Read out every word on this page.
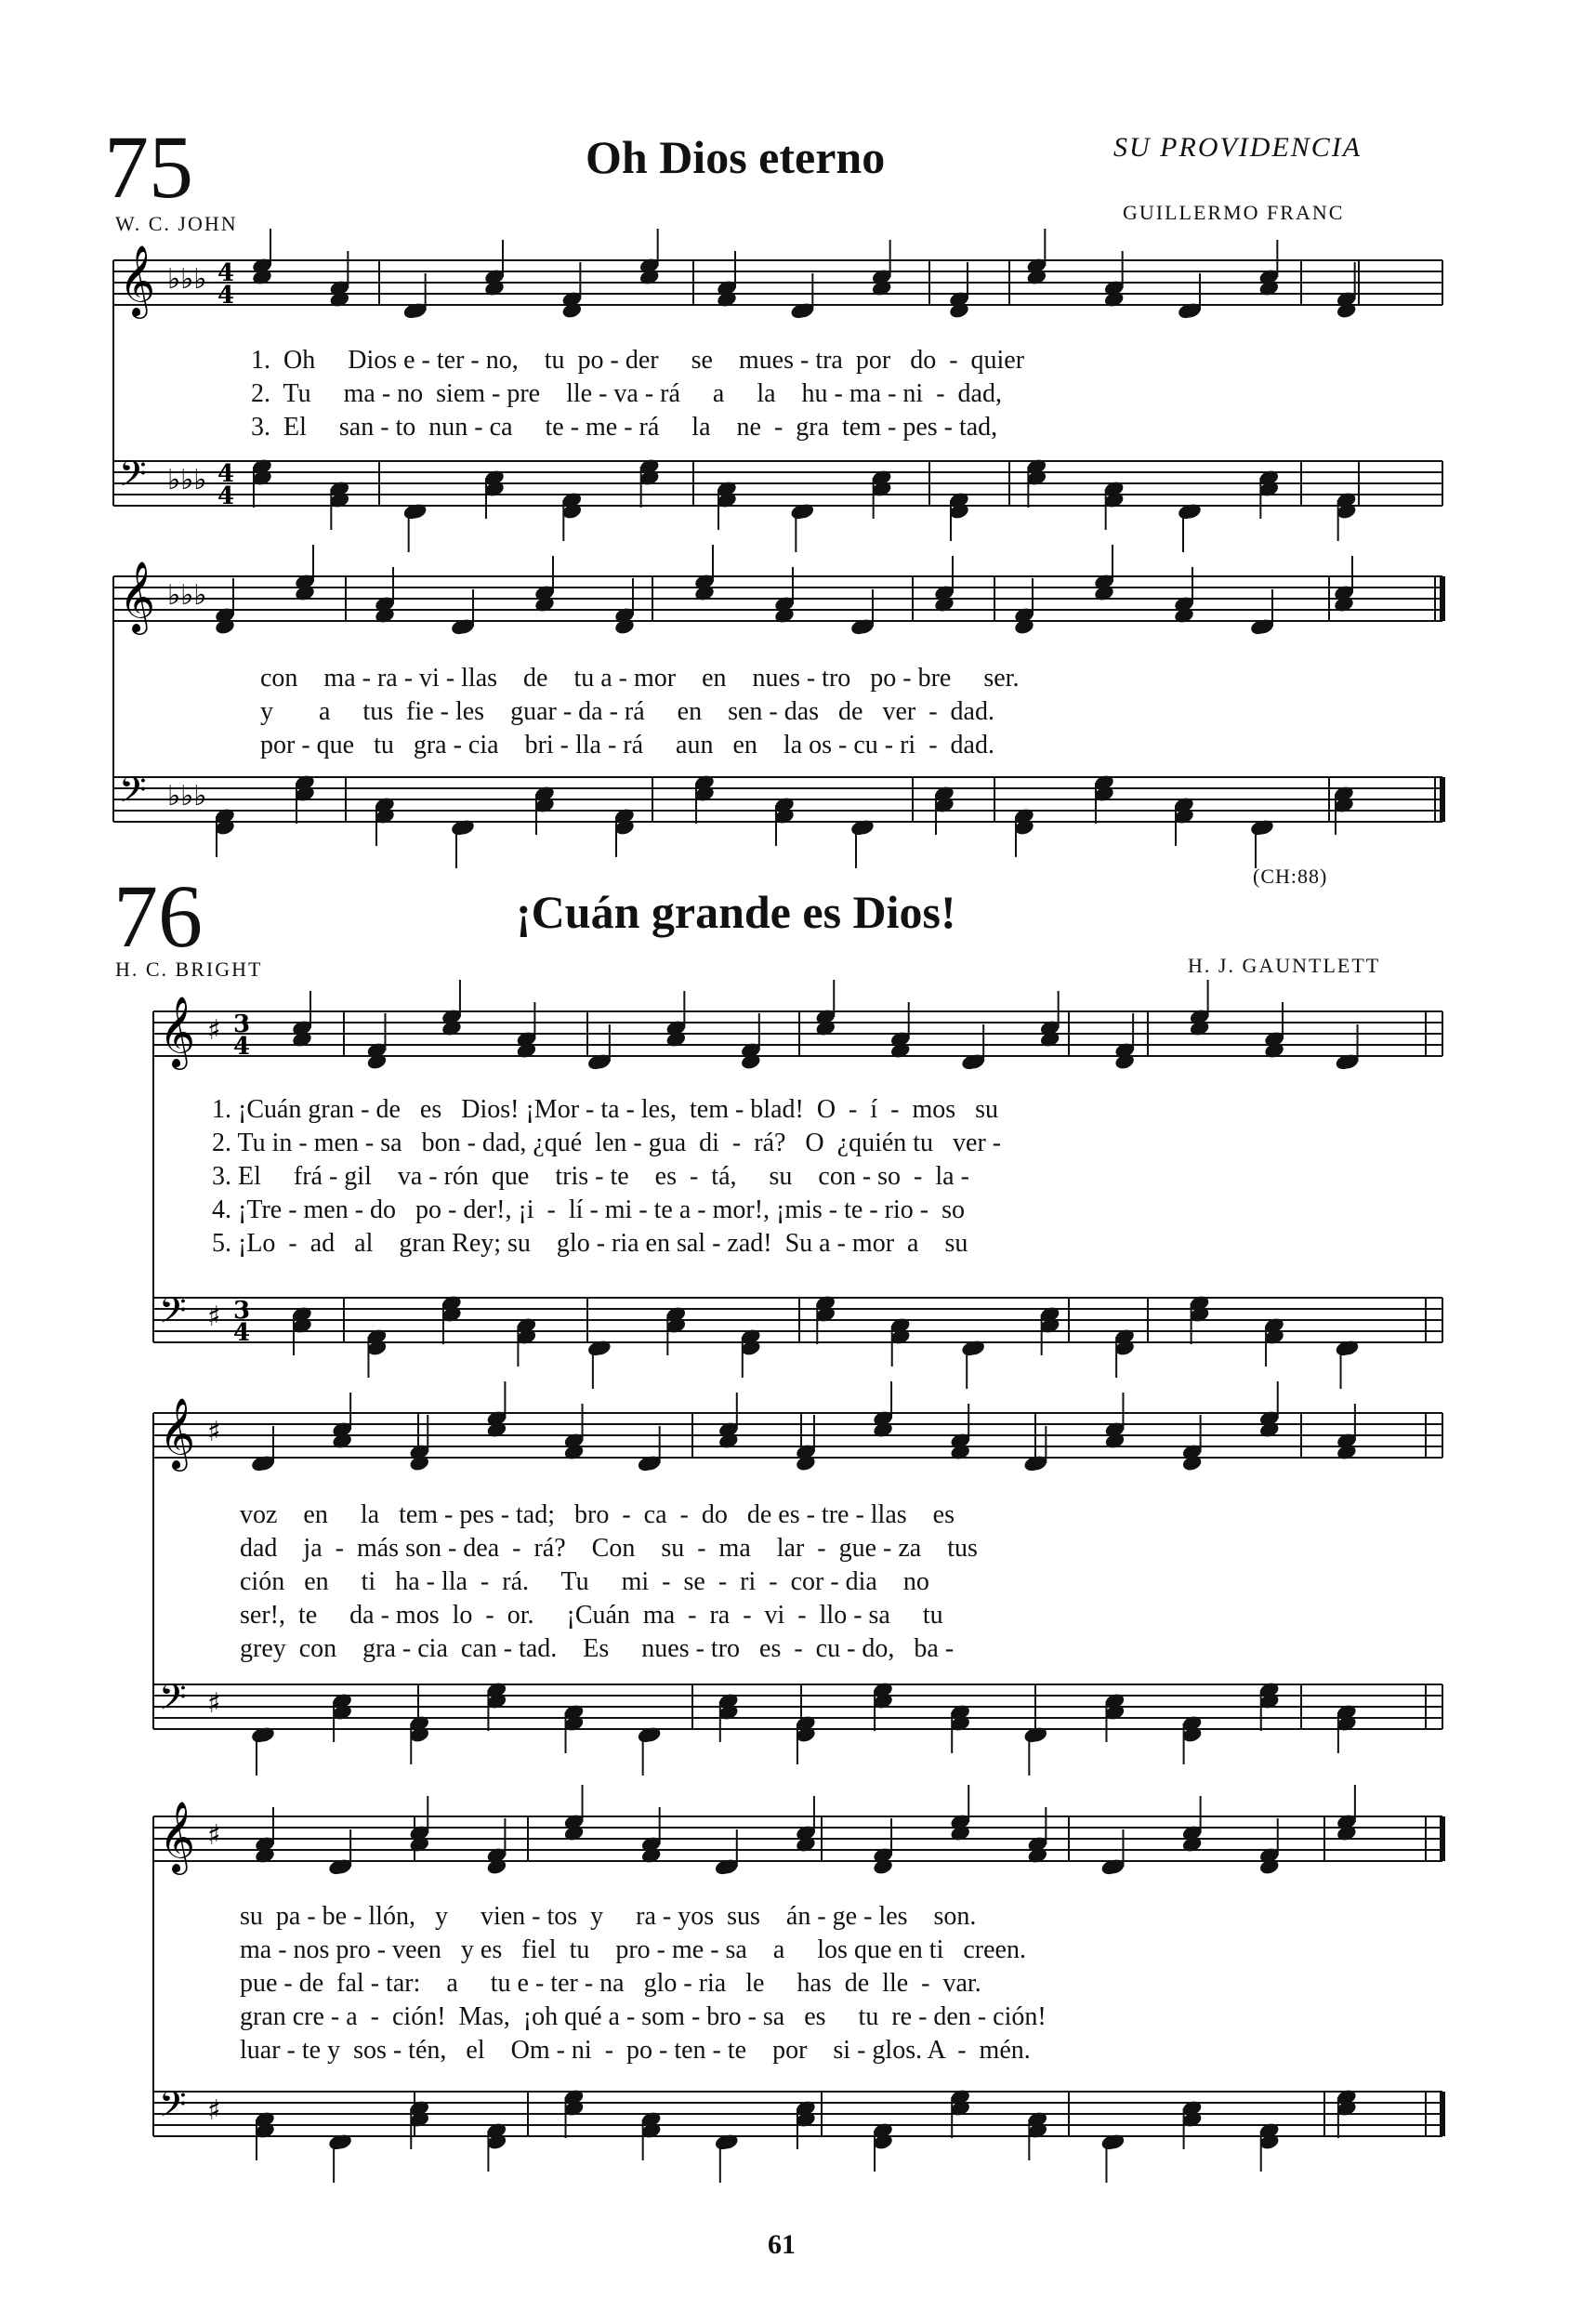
75	Oh Dios eterno	SU PROVIDENCIA
W. C. JOHN	GUILLERMO FRANC
76	¡Cuán grande es Dios!
(CH:88)
H. C. BRIGHT	H. J. GAUNTLETT
1.  Oh     Dios e - ter - no,    tu  po - der     se    mues - tra  por   do  -  quier
2.  Tu     ma - no  siem - pre    lle - va - rá     a     la    hu - ma - ni  -  dad,
3.  El     san - to  nun - ca     te - me - rá     la    ne  -  gra  tem - pes - tad,
con    ma - ra - vi - llas    de    tu a - mor    en    nues - tro   po - bre     ser.
y       a     tus  fie - les    guar - da - rá     en    sen - das   de   ver  -  dad.
por - que   tu   gra - cia    bri - lla - rá     aun   en    la os - cu - ri  -  dad.
1. ¡Cuán gran - de   es   Dios! ¡Mor - ta - les,  tem - blad!  O  -  í  -  mos   su
2. Tu in - men - sa   bon - dad, ¿qué  len - gua  di  -  rá?   O  ¿quién tu   ver -
3. El     frá - gil    va - rón  que    tris - te    es  -  tá,     su    con - so  -  la -
4. ¡Tre - men - do   po - der!, ¡i  -  lí - mi - te a - mor!, ¡mis - te - rio -  so
5. ¡Lo  -  ad   al    gran Rey; su    glo - ria en sal - zad!  Su a - mor  a    su
voz    en     la   tem - pes - tad;   bro  -  ca  -  do   de es - tre - llas    es
dad    ja  -  más son - dea  -  rá?    Con    su  -  ma    lar  -  gue - za    tus
ción   en     ti   ha - lla  -  rá.     Tu     mi  -  se  -  ri  -  cor - dia    no
ser!,  te     da - mos  lo  -  or.     ¡Cuán  ma  -  ra  -  vi  -  llo - sa     tu
grey  con    gra - cia  can - tad.    Es     nues - tro   es  -  cu - do,   ba -
su  pa - be - llón,   y     vien - tos  y     ra - yos  sus    án - ge - les    son.
ma - nos pro - veen   y es   fiel  tu    pro - me - sa    a     los que en ti   creen.
pue - de  fal - tar:    a     tu e - ter - na   glo - ria   le     has  de  lle  -  var.
gran cre - a  -  ción!  Mas,  ¡oh qué a - som - bro - sa   es     tu  re - den - ción!
luar - te y  sos - tén,   el    Om - ni  -  po - ten - te    por    si - glos. A  -  mén.
61
𝄞 ♭♭♭ 4
4
𝄢 ♭♭♭ 4
4
𝄞 ♭♭♭
𝄢 ♭♭♭
𝄞 ♯ 3
4
𝄢 ♯ 3
4
𝄞 ♯
𝄢 ♯
𝄞 ♯
𝄢 ♯
